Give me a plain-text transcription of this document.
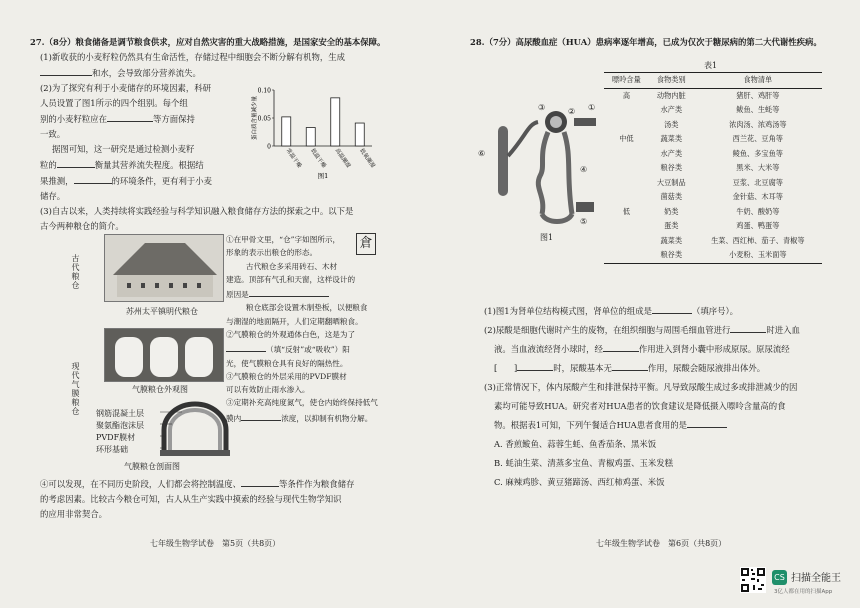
27.（8分）粮食储备是调节粮食供求，应对自然灾害的重大战略措施，是国家安全的基本保障。

(1)新收获的小麦籽粒仍然具有生命活性，存储过程中细胞会不断分解有机物，生成

和水，会导致部分营养流失。

(2)为了探究有利于小麦储存的环境因素，科研

人员设置了图1所示的四个组别。每个组

别的小麦籽粒应在	等方面保持

一致。

据图可知，这一研究是通过检测小麦籽

粒的	衡量其营养流失程度。根据结

果推测，	的环境条件，更有利于小麦

储存。

(3)自古以来，人类持续将实践经验与科学知识融入粮食储存方法的探索之中。以下是

古今两种粮仓的简介。

0
0.05
0.10
蛋白质含量减少量
常温干燥	低温干燥	高温潮湿	低氧潮湿
图1
古代粮仓
苏州太平镇明代粮仓
倉

①在甲骨文里，“仓”字如图所示，

形象的表示出粮仓的形态。

古代粮仓多采用砖石、木材

建造。顶部有气孔和天窗，这样设计的

原因是

粮仓底部会设置木制垫板，以便粮食

与潮湿的地面隔开，人们定期翻晒粮食。

现代气膜粮仓	气膜粮仓外观图

②气膜粮仓的外观通体白色，这是为了

（填“反射”或“吸收”）阳

光，使气膜粮仓具有良好的隔热性。

③气膜粮仓的外层采用的PVDF膜材

可以有效防止雨水渗入。

③定期补充高纯度氮气，使仓内始终保持低气

膜内	浓度，以抑制有机物分解。

钢筋混凝土层
聚氨酯泡沫层
PVDF膜材
环形基础
气膜粮仓剖面图

④可以发现，在不同历史阶段，人们都会将控制温度、	等条件作为粮食储存

的考虑因素。比较古今粮仓可知，古人从生产实践中摸索的经验与现代生物学知识

的应用非常契合。

七年级生物学试卷　第5页（共8页）

28.（7分）高尿酸血症（HUA）患病率逐年增高，已成为仅次于糖尿病的第二大代谢性疾病。

③	①
②
④
⑤
⑥
图1
表1
嘌呤含量	食物类别	食物清单
高	动物内脏	猪肝、鸡肝等
	水产类	鲅鱼、生蚝等
	汤类	浓肉汤、浓鸡汤等
中低	蔬菜类	西兰花、豆角等
	水产类	鲮鱼、多宝鱼等
	粮谷类	黑米、大米等
	大豆制品	豆浆、北豆腐等
	菌菇类	金针菇、木耳等
低	奶类	牛奶、酸奶等
	蛋类	鸡蛋、鸭蛋等
	蔬菜类	生菜、西红柿、茄子、青椒等
	粮谷类	小麦粉、玉米面等

(1)图1为肾单位结构模式图，肾单位的组成是	（填序号）。

(2)尿酸是细胞代谢时产生的废物，在组织细胞与周围毛细血管进行	时进入血

液。当血液流经肾小球时，经	作用进入到肾小囊中形成原尿。原尿流经

[　　]	时，尿酸基本无	作用，尿酸会随尿液排出体外。

(3)正常情况下，体内尿酸产生和排泄保持平衡。凡导致尿酸生成过多或排泄减少的因

素均可能导致HUA。研究者对HUA患者的饮食建议是降低摄入嘌呤含量高的食

物。根据表1可知，下列午餐适合HUA患者食用的是

A. 香煎鲅鱼、蒜蓉生蚝、鱼香茄条、黑米饭

B. 蚝油生菜、清蒸多宝鱼、青椒鸡蛋、玉米发糕

C. 麻辣鸡胗、黄豆猪蹄汤、西红柿鸡蛋、米饭

七年级生物学试卷　第6页（共8页）
CS 扫描全能王
3亿人都在用的扫描App
